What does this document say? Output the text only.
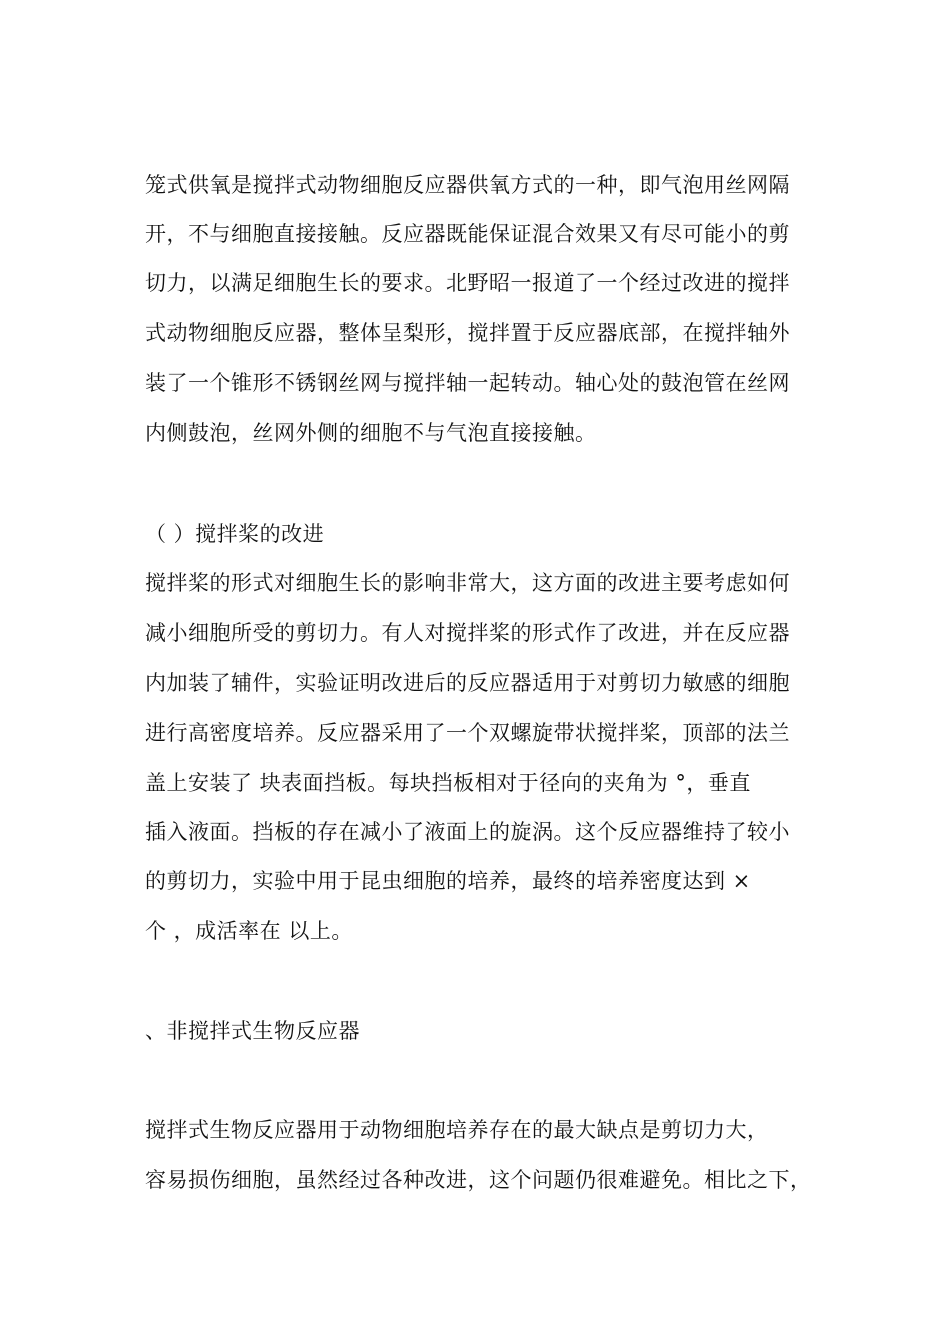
笼式供氧是搅拌式动物细胞反应器供氧方式的一种，即气泡用丝网隔
开，不与细胞直接接触。反应器既能保证混合效果又有尽可能小的剪
切力，以满足细胞生长的要求。北野昭一报道了一个经过改进的搅拌
式动物细胞反应器，整体呈梨形，搅拌置于反应器底部，在搅拌轴外
装了一个锥形不锈钢丝网与搅拌轴一起转动。轴心处的鼓泡管在丝网
内侧鼓泡，丝网外侧的细胞不与气泡直接接触。
（ ）搅拌桨的改进
搅拌桨的形式对细胞生长的影响非常大，这方面的改进主要考虑如何
减小细胞所受的剪切力。有人对搅拌桨的形式作了改进，并在反应器
内加装了辅件，实验证明改进后的反应器适用于对剪切力敏感的细胞
进行高密度培养。反应器采用了一个双螺旋带状搅拌桨，顶部的法兰
盖上安装了 块表面挡板。每块挡板相对于径向的夹角为 °，垂直
插入液面。挡板的存在减小了液面上的旋涡。这个反应器维持了较小
的剪切力，实验中用于昆虫细胞的培养，最终的培养密度达到 ×
个 ，成活率在 以上。
、非搅拌式生物反应器
搅拌式生物反应器用于动物细胞培养存在的最大缺点是剪切力大，
容易损伤细胞，虽然经过各种改进，这个问题仍很难避免。相比之下，
